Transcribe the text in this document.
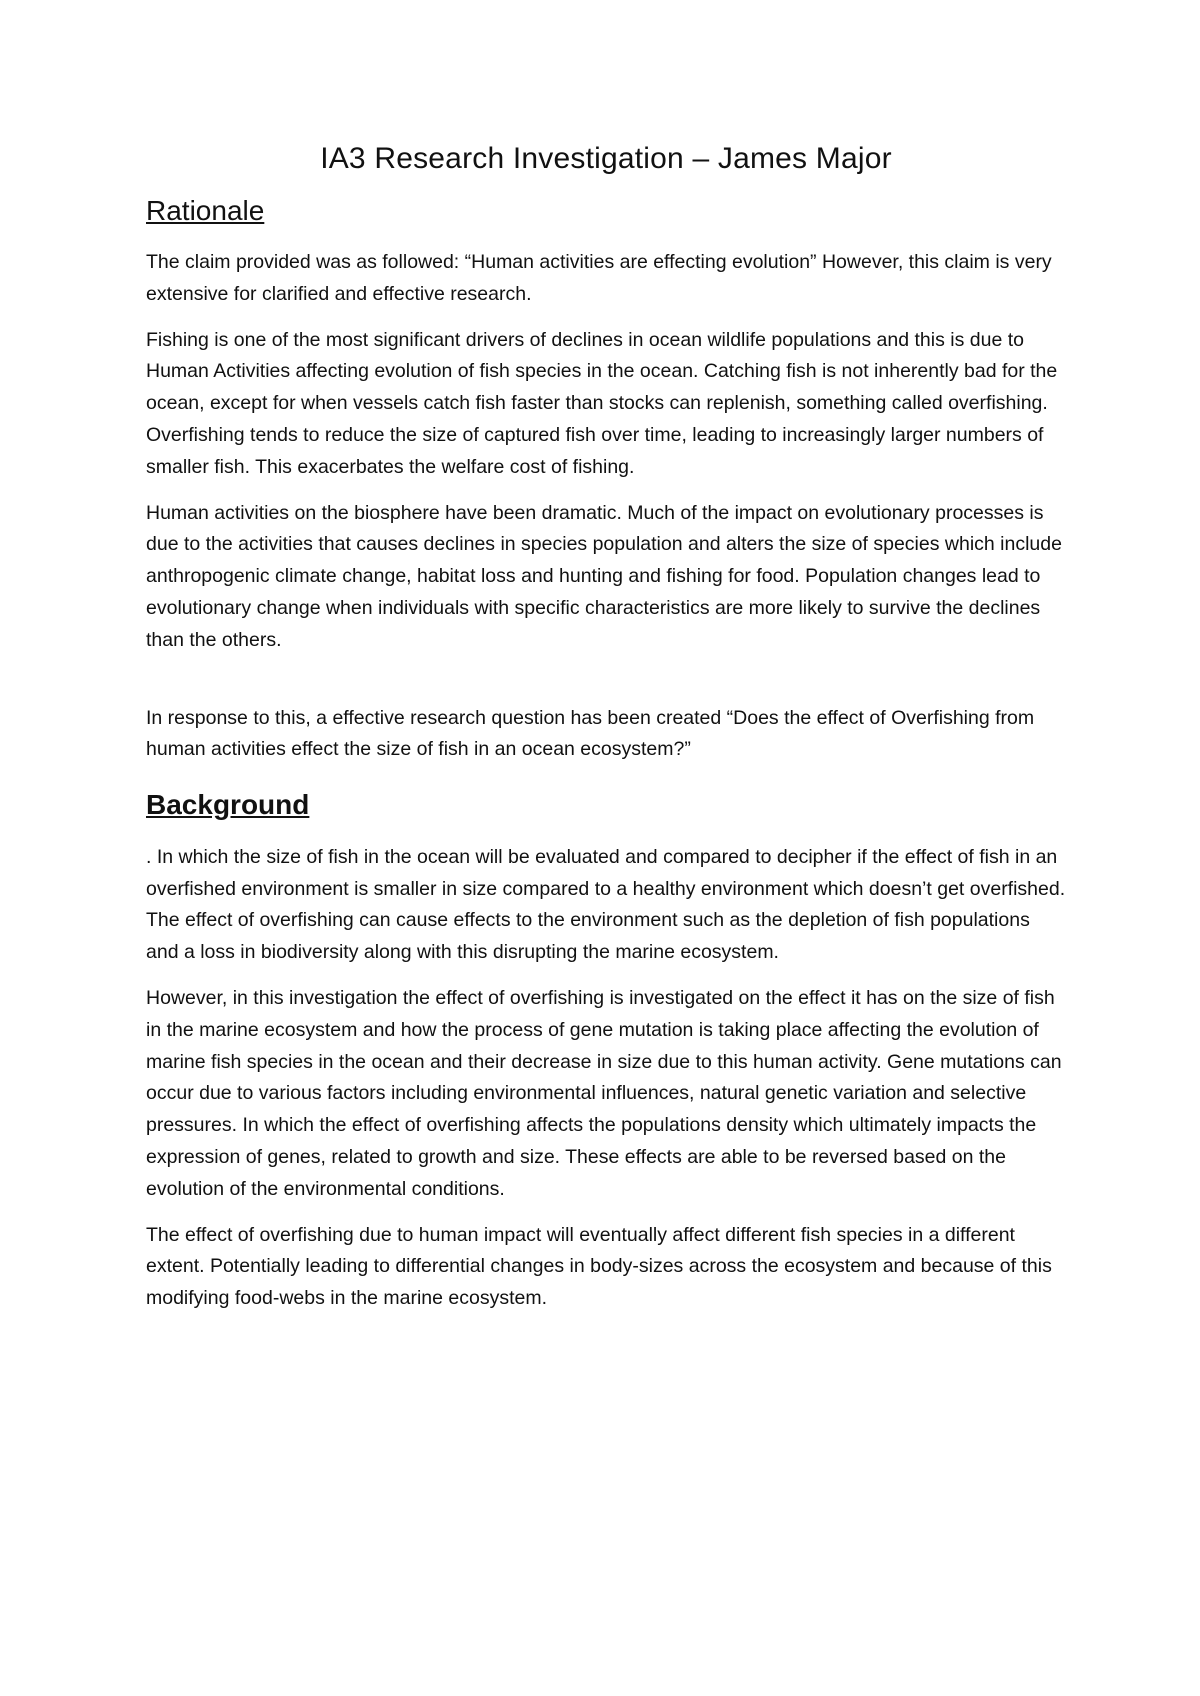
IA3 Research Investigation – James Major
Rationale

The claim provided was as followed: “Human activities are effecting evolution” However, this claim is very extensive for clarified and effective research.

Fishing is one of the most significant drivers of declines in ocean wildlife populations and this is due to Human Activities affecting evolution of fish species in the ocean. Catching fish is not inherently bad for the ocean, except for when vessels catch fish faster than stocks can replenish, something called overfishing. Overfishing tends to reduce the size of captured fish over time, leading to increasingly larger numbers of smaller fish. This exacerbates the welfare cost of fishing.

Human activities on the biosphere have been dramatic. Much of the impact on evolutionary processes is due to the activities that causes declines in species population and alters the size of species which include anthropogenic climate change, habitat loss and hunting and fishing for food. Population changes lead to evolutionary change when individuals with specific characteristics are more likely to survive the declines than the others.

In response to this, a effective research question has been created “Does the effect of Overfishing from human activities effect the size of fish in an ocean ecosystem?”

Background

. In which the size of fish in the ocean will be evaluated and compared to decipher if the effect of fish in an overfished environment is smaller in size compared to a healthy environment which doesn’t get overfished. The effect of overfishing can cause effects to the environment such as the depletion of fish populations and a loss in biodiversity along with this disrupting the marine ecosystem.

However, in this investigation the effect of overfishing is investigated on the effect it has on the size of fish in the marine ecosystem and how the process of gene mutation is taking place affecting the evolution of marine fish species in the ocean and their decrease in size due to this human activity. Gene mutations can occur due to various factors including environmental influences, natural genetic variation and selective pressures. In which the effect of overfishing affects the populations density which ultimately impacts the expression of genes, related to growth and size. These effects are able to be reversed based on the evolution of the environmental conditions.

The effect of overfishing due to human impact will eventually affect different fish species in a different extent. Potentially leading to differential changes in body-sizes across the ecosystem and because of this modifying food-webs in the marine ecosystem.
